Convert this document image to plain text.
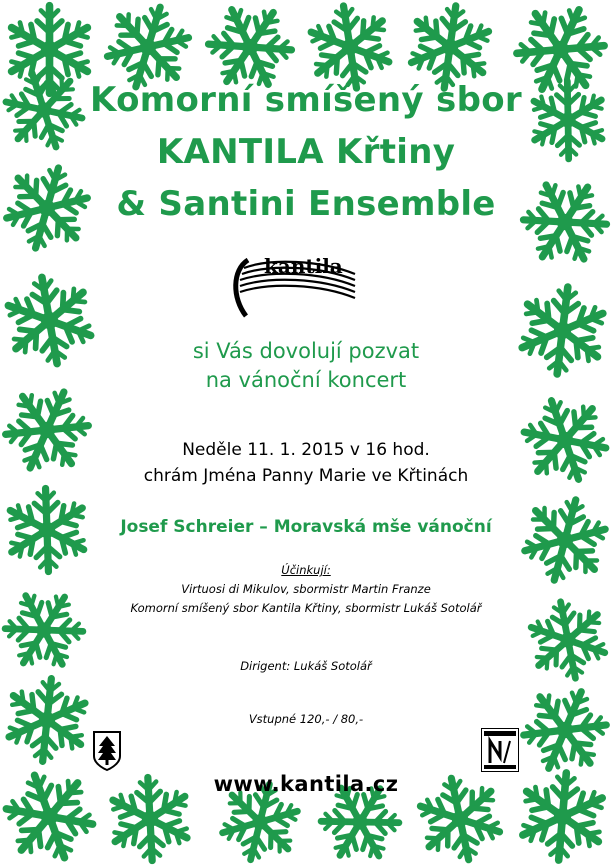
Komorní smíšený sbor
KANTILA Křtiny
& Santini Ensemble
kantila
si Vás dovolují pozvat
na vánoční koncert
Neděle 11. 1. 2015 v 16 hod.
chrám Jména Panny Marie ve Křtinách
Josef Schreier – Moravská mše vánoční
Účinkují:
Virtuosi di Mikulov, sbormistr Martin Franze
Komorní smíšený sbor Kantila Křtiny, sbormistr Lukáš Sotolář
Dirigent: Lukáš Sotolář
Vstupné 120,- / 80,-
www.kantila.cz
